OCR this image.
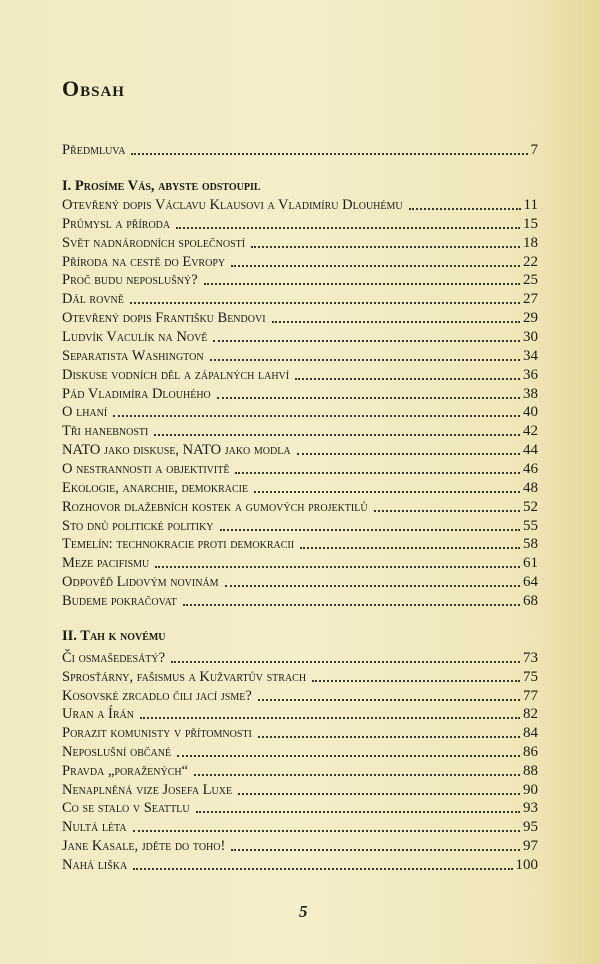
Obsah
Předmluva	7
I. Prosíme Vás, abyste odstoupil
Otevřený dopis Václavu Klausovi a Vladimíru Dlouhému	11
Průmysl a příroda	15
Svět nadnárodních společností	18
Příroda na cestě do Evropy	22
Proč budu neposlušný?	25
Dál rovně	27
Otevřený dopis Františku Bendovi	29
Ludvík Vaculík na Nově	30
Separatista Washington	34
Diskuse vodních děl a zápalných lahví	36
Pád Vladimíra Dlouhého	38
O lhaní	40
Tři hanebnosti	42
NATO jako diskuse, NATO jako modla	44
O nestrannosti a objektivitě	46
Ekologie, anarchie, demokracie	48
Rozhovor dlažebních kostek a gumových projektilů	52
Sto dnů politické politiky	55
Temelín: technokracie proti demokracii	58
Meze pacifismu	61
Odpověď Lidovým novinám	64
Budeme pokračovat	68
II. Tah k novému
Či osmašedesátý?	73
Sprosťárny, fašismus a Kužvartův strach	75
Kosovské zrcadlo čili jací jsme?	77
Uran a Írán	82
Porazit komunisty v přítomnosti	84
Neposlušní občané	86
Pravda „poražených“	88
Nenaplněná vize Josefa Luxe	90
Co se stalo v Seattlu	93
Nultá léta	95
Jane Kasale, jděte do toho!	97
Nahá liška	100
5
